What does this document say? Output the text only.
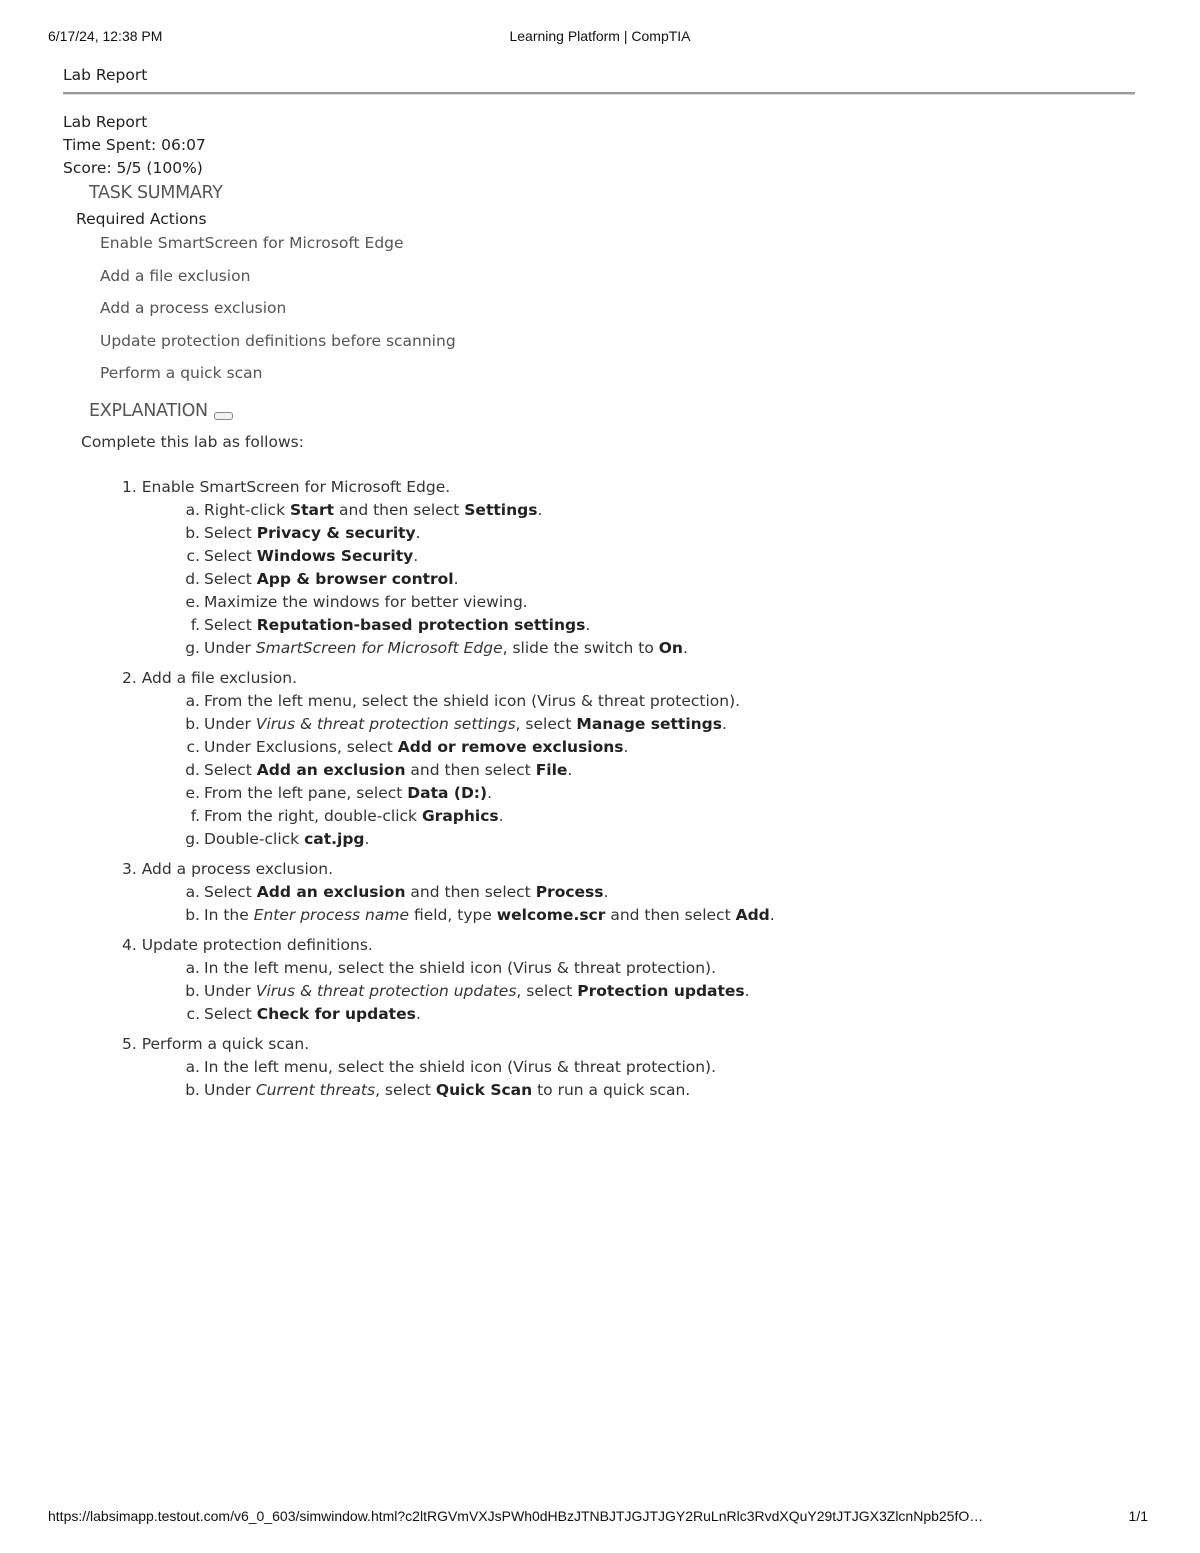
6/17/24, 12:38 PM	Learning Platform | CompTIA
Lab Report
Lab Report
Time Spent: 06:07
Score: 5/5 (100%)
TASK SUMMARY
Required Actions
Enable SmartScreen for Microsoft Edge
Add a file exclusion
Add a process exclusion
Update protection definitions before scanning
Perform a quick scan
EXPLANATION
Complete this lab as follows:
1. Enable SmartScreen for Microsoft Edge.
a. Right-click Start and then select Settings.
b. Select Privacy & security.
c. Select Windows Security.
d. Select App & browser control.
e. Maximize the windows for better viewing.
f. Select Reputation-based protection settings.
g. Under SmartScreen for Microsoft Edge, slide the switch to On.
2. Add a file exclusion.
a. From the left menu, select the shield icon (Virus & threat protection).
b. Under Virus & threat protection settings, select Manage settings.
c. Under Exclusions, select Add or remove exclusions.
d. Select Add an exclusion and then select File.
e. From the left pane, select Data (D:).
f. From the right, double-click Graphics.
g. Double-click cat.jpg.
3. Add a process exclusion.
a. Select Add an exclusion and then select Process.
b. In the Enter process name field, type welcome.scr and then select Add.
4. Update protection definitions.
a. In the left menu, select the shield icon (Virus & threat protection).
b. Under Virus & threat protection updates, select Protection updates.
c. Select Check for updates.
5. Perform a quick scan.
a. In the left menu, select the shield icon (Virus & threat protection).
b. Under Current threats, select Quick Scan to run a quick scan.
https://labsimapp.testout.com/v6_0_603/simwindow.html?c2ltRGVmVXJsPWh0dHBzJTNBJTJGJTJGY2RuLnRlc3RvdXQuY29tJTJGX3ZlcnNpb25fO…	1/1
